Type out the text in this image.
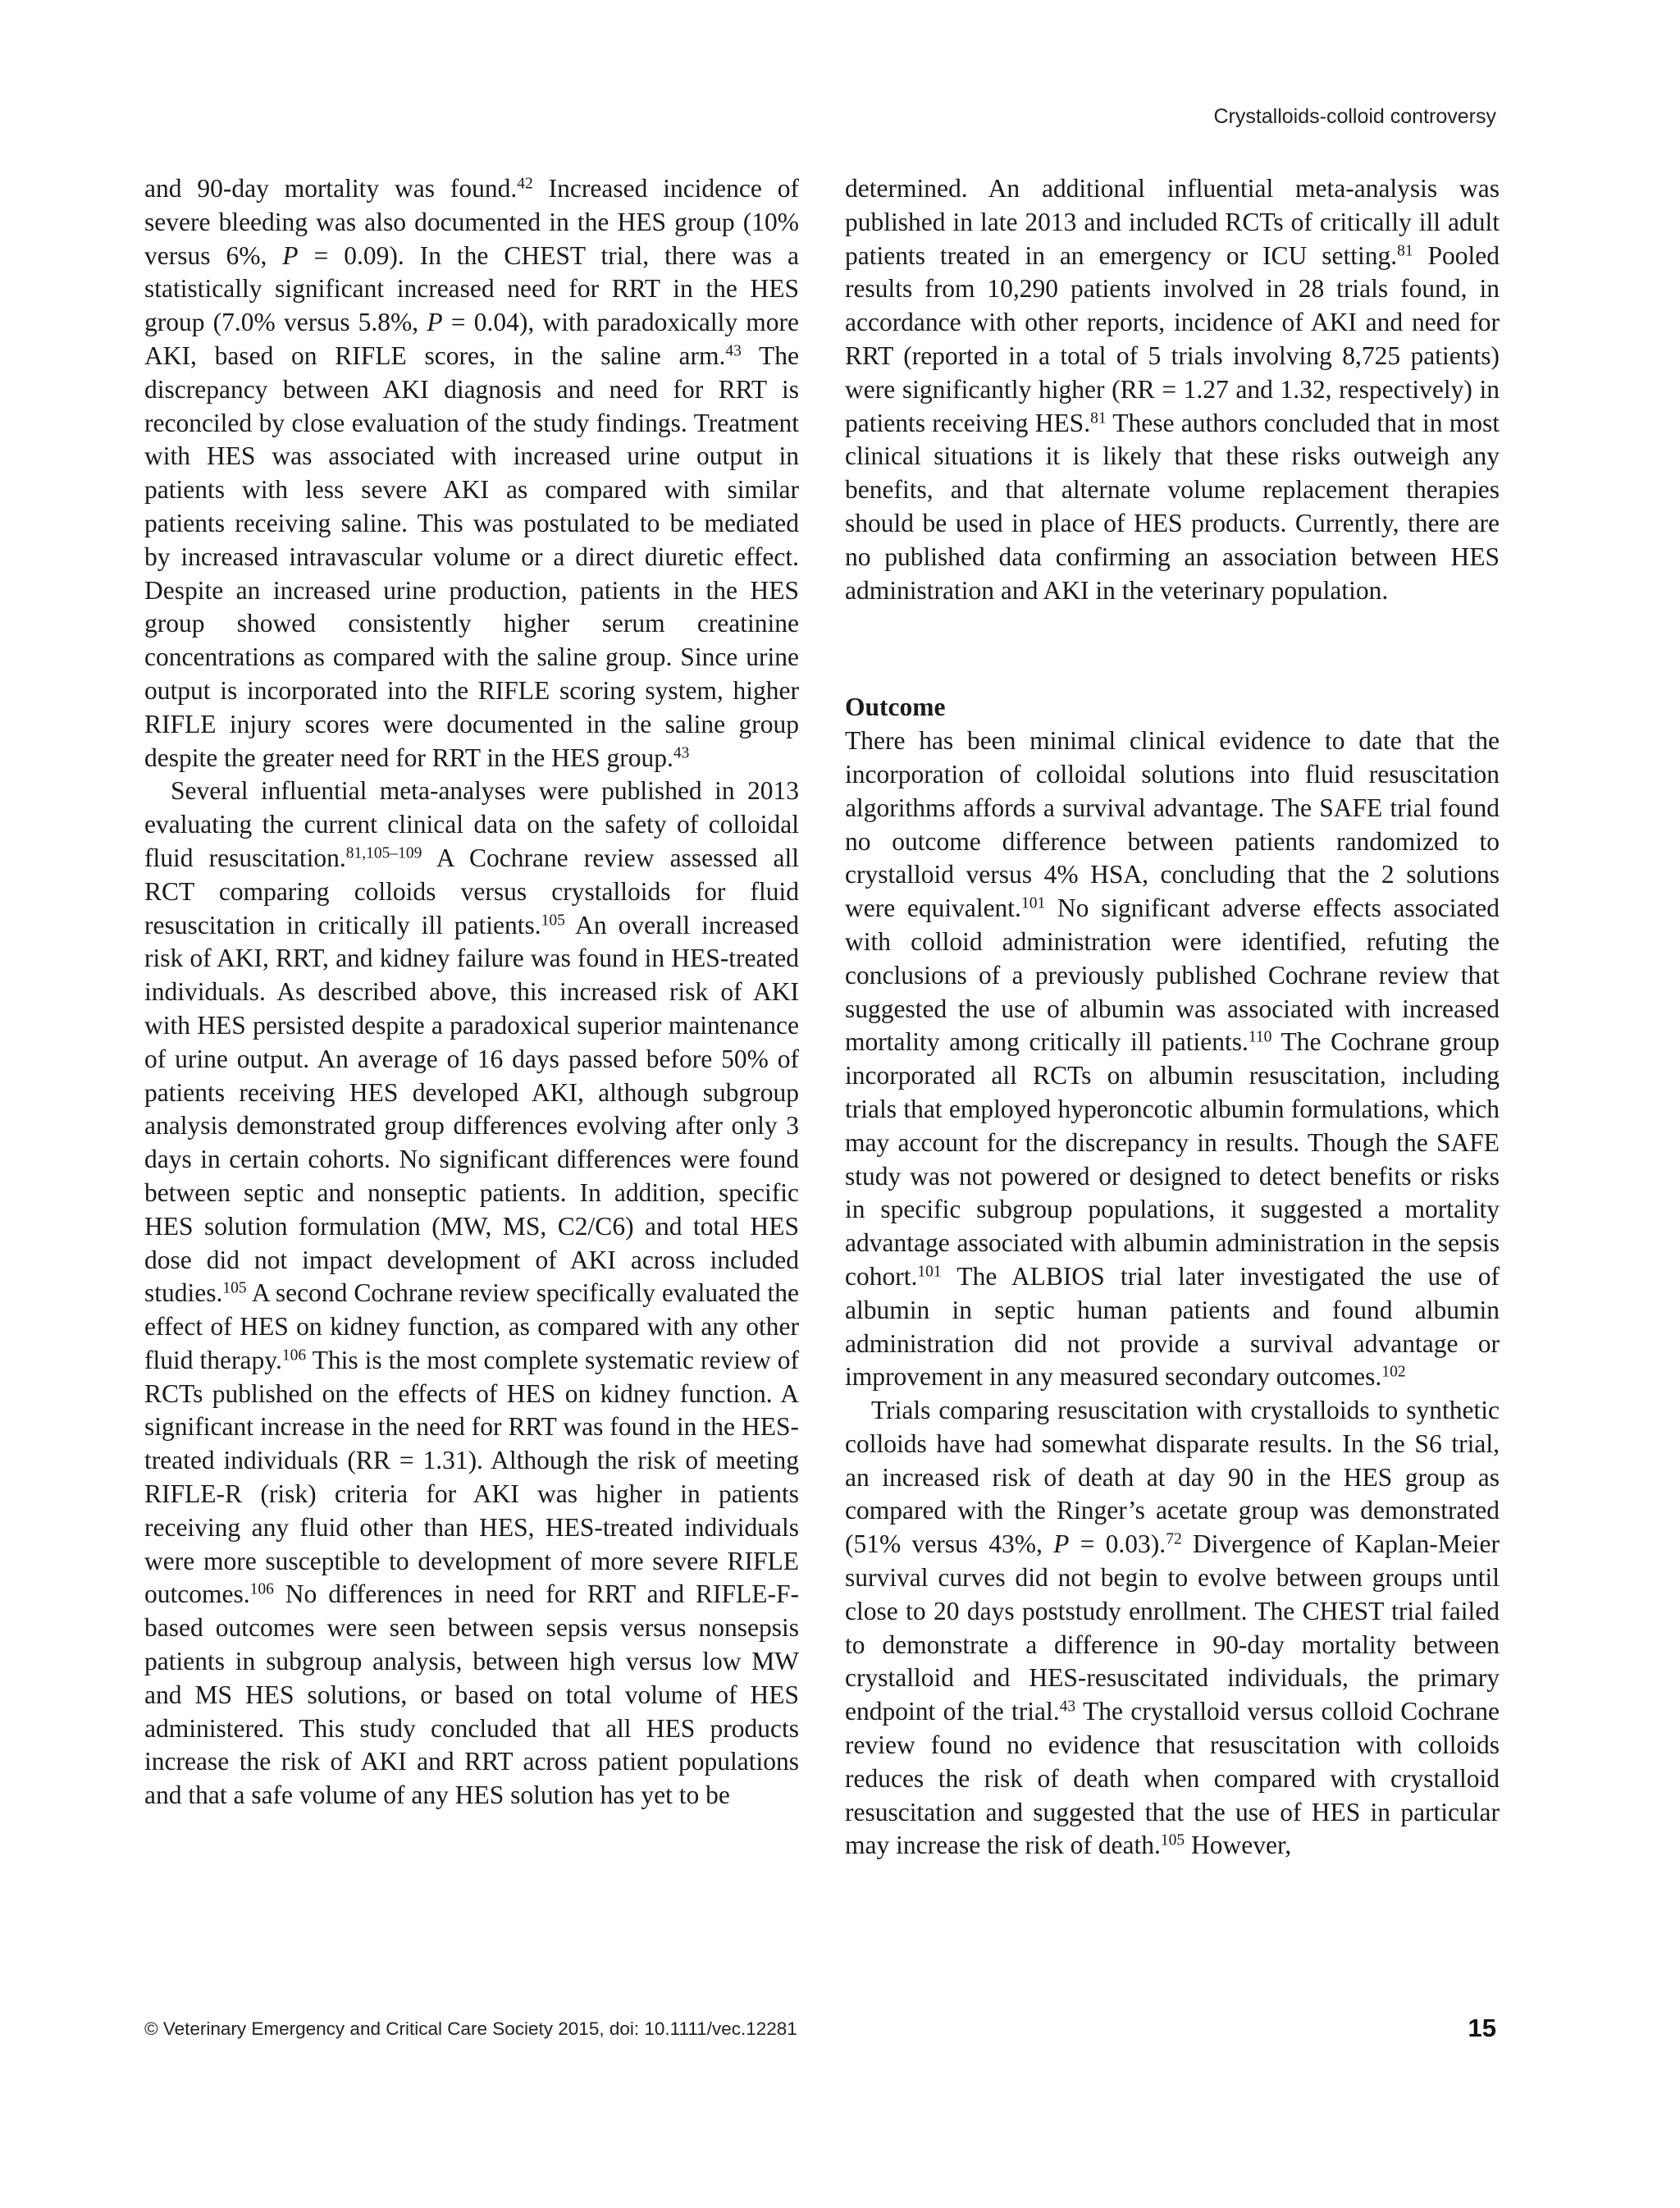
Crystalloids-colloid controversy

and 90-day mortality was found.$^{42}$ Increased incidence of severe bleeding was also documented in the HES group (10% versus 6%, P = 0.09). In the CHEST trial, there was a statistically significant increased need for RRT in the HES group (7.0% versus 5.8%, P = 0.04), with paradoxically more AKI, based on RIFLE scores, in the saline arm.$^{43}$ The discrepancy between AKI diagnosis and need for RRT is reconciled by close evaluation of the study findings. Treatment with HES was associated with increased urine output in patients with less severe AKI as compared with similar patients receiving saline. This was postulated to be mediated by increased intravascular volume or a direct diuretic effect. Despite an increased urine production, patients in the HES group showed consistently higher serum creatinine concentrations as compared with the saline group. Since urine output is incorporated into the RIFLE scoring system, higher RIFLE injury scores were documented in the saline group despite the greater need for RRT in the HES group.$^{43}$

Several influential meta-analyses were published in 2013 evaluating the current clinical data on the safety of colloidal fluid resuscitation.$^{81,105-109}$ A Cochrane review assessed all RCT comparing colloids versus crystalloids for fluid resuscitation in critically ill patients.$^{105}$ An overall increased risk of AKI, RRT, and kidney failure was found in HES-treated individuals. As described above, this increased risk of AKI with HES persisted despite a paradoxical superior maintenance of urine output. An average of 16 days passed before 50% of patients receiving HES developed AKI, although subgroup analysis demonstrated group differences evolving after only 3 days in certain cohorts. No significant differences were found between septic and nonseptic patients. In addition, specific HES solution formulation (MW, MS, C2/C6) and total HES dose did not impact development of AKI across included studies.$^{105}$ A second Cochrane review specifically evaluated the effect of HES on kidney function, as compared with any other fluid therapy.$^{106}$ This is the most complete systematic review of RCTs published on the effects of HES on kidney function. A significant increase in the need for RRT was found in the HES-treated individuals (RR = 1.31). Although the risk of meeting RIFLE-R (risk) criteria for AKI was higher in patients receiving any fluid other than HES, HES-treated individuals were more susceptible to development of more severe RIFLE outcomes.$^{106}$ No differences in need for RRT and RIFLE-F-based outcomes were seen between sepsis versus nonsepsis patients in subgroup analysis, between high versus low MW and MS HES solutions, or based on total volume of HES administered. This study concluded that all HES products increase the risk of AKI and RRT across patient populations and that a safe volume of any HES solution has yet to be

determined. An additional influential meta-analysis was published in late 2013 and included RCTs of critically ill adult patients treated in an emergency or ICU setting.$^{81}$ Pooled results from 10,290 patients involved in 28 trials found, in accordance with other reports, incidence of AKI and need for RRT (reported in a total of 5 trials involving 8,725 patients) were significantly higher (RR = 1.27 and 1.32, respectively) in patients receiving HES.$^{81}$ These authors concluded that in most clinical situations it is likely that these risks outweigh any benefits, and that alternate volume replacement therapies should be used in place of HES products. Currently, there are no published data confirming an association between HES administration and AKI in the veterinary population.

Outcome

There has been minimal clinical evidence to date that the incorporation of colloidal solutions into fluid resuscitation algorithms affords a survival advantage. The SAFE trial found no outcome difference between patients randomized to crystalloid versus 4% HSA, concluding that the 2 solutions were equivalent.$^{101}$ No significant adverse effects associated with colloid administration were identified, refuting the conclusions of a previously published Cochrane review that suggested the use of albumin was associated with increased mortality among critically ill patients.$^{110}$ The Cochrane group incorporated all RCTs on albumin resuscitation, including trials that employed hyperoncotic albumin formulations, which may account for the discrepancy in results. Though the SAFE study was not powered or designed to detect benefits or risks in specific subgroup populations, it suggested a mortality advantage associated with albumin administration in the sepsis cohort.$^{101}$ The ALBIOS trial later investigated the use of albumin in septic human patients and found albumin administration did not provide a survival advantage or improvement in any measured secondary outcomes.$^{102}$

Trials comparing resuscitation with crystalloids to synthetic colloids have had somewhat disparate results. In the S6 trial, an increased risk of death at day 90 in the HES group as compared with the Ringer’s acetate group was demonstrated (51% versus 43%, P = 0.03).$^{72}$ Divergence of Kaplan-Meier survival curves did not begin to evolve between groups until close to 20 days poststudy enrollment. The CHEST trial failed to demonstrate a difference in 90-day mortality between crystalloid and HES-resuscitated individuals, the primary endpoint of the trial.$^{43}$ The crystalloid versus colloid Cochrane review found no evidence that resuscitation with colloids reduces the risk of death when compared with crystalloid resuscitation and suggested that the use of HES in particular may increase the risk of death.$^{105}$ However,

© Veterinary Emergency and Critical Care Society 2015, doi: 10.1111/vec.12281	15
